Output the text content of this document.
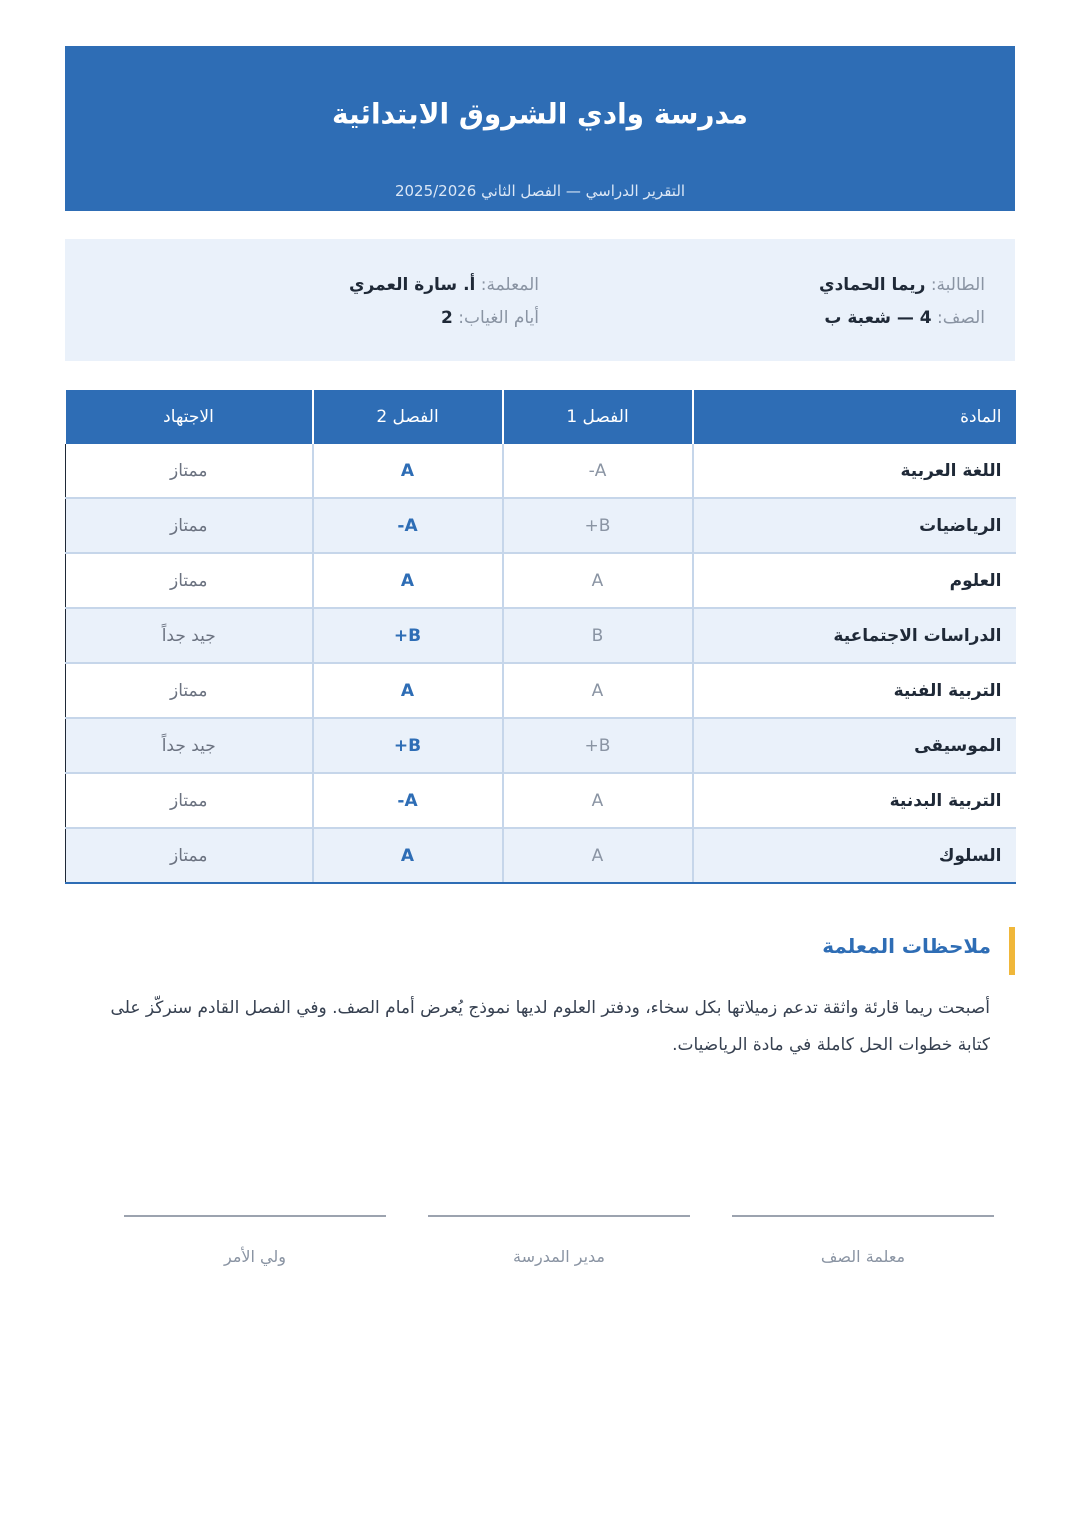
مدرسة وادي الشروق الابتدائية
التقرير الدراسي — الفصل الثاني 2025/2026
الطالبة: ريما الحمادي
الصف: 4 — شعبة ب
المعلمة: أ. سارة العمري
أيام الغياب: 2
المادة	الفصل 1	الفصل 2	الاجتهاد
اللغة العربية	A-	A	ممتاز
الرياضيات	B+	A-	ممتاز
العلوم	A	A	ممتاز
الدراسات الاجتماعية	B	B+	جيد جداً
التربية الفنية	A	A	ممتاز
الموسيقى	B+	B+	جيد جداً
التربية البدنية	A	A-	ممتاز
السلوك	A	A	ممتاز
ملاحظات المعلمة
أصبحت ريما قارئة واثقة تدعم زميلاتها بكل سخاء، ودفتر العلوم لديها نموذج يُعرض أمام الصف. وفي الفصل القادم سنركّز على كتابة خطوات الحل كاملة في مادة الرياضيات.
معلمة الصف
مدير المدرسة
ولي الأمر
